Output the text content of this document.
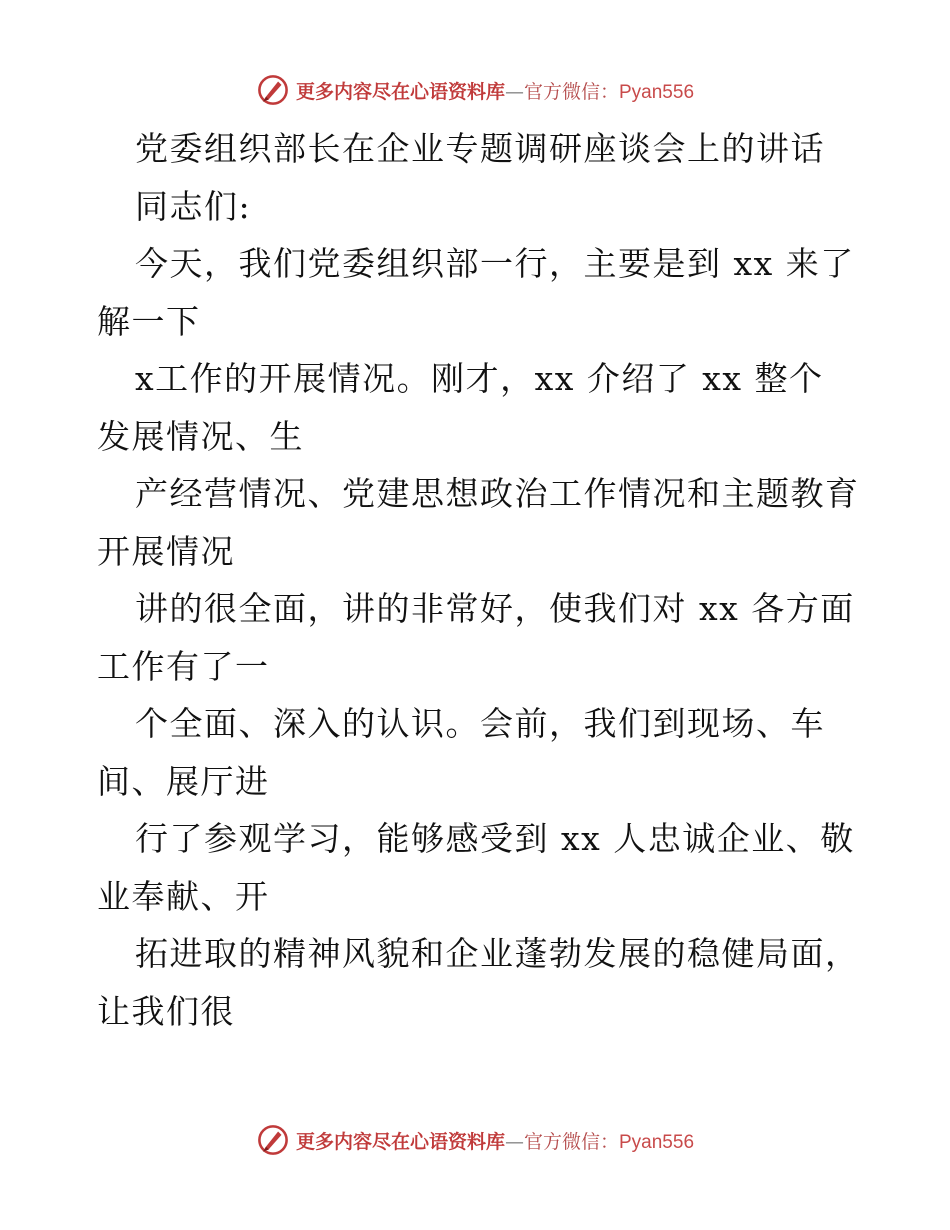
更多内容尽在心语资料库—官方微信：Pyan556
党委组织部长在企业专题调研座谈会上的讲话
同志们:
今天，我们党委组织部一行，主要是到 xx 来了
解一下
x工作的开展情况。刚才，xx 介绍了 xx 整个
发展情况、生
产经营情况、党建思想政治工作情况和主题教育
开展情况
讲的很全面，讲的非常好，使我们对 xx 各方面
工作有了一
个全面、深入的认识。会前，我们到现场、车
间、展厅进
行了参观学习，能够感受到 xx 人忠诚企业、敬
业奉献、开
拓进取的精神风貌和企业蓬勃发展的稳健局面，
让我们很
更多内容尽在心语资料库—官方微信：Pyan556
